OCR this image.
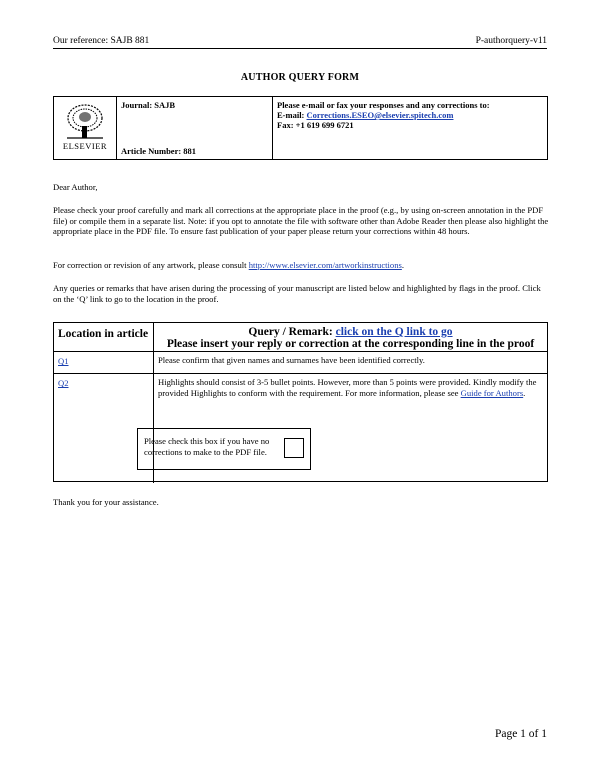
Our reference: SAJB 881	P-authorquery-v11
AUTHOR QUERY FORM
ELSEVIER
Journal: SAJB
Article Number: 881
Please e-mail or fax your responses and any corrections to:
E-mail: Corrections.ESEO@elsevier.spitech.com
Fax: +1 619 699 6721
Dear Author,
Please check your proof carefully and mark all corrections at the appropriate place in the proof (e.g., by using on-screen annotation in the PDF file) or compile them in a separate list. Note: if you opt to annotate the file with software other than Adobe Reader then please also highlight the appropriate place in the PDF file. To ensure fast publication of your paper please return your corrections within 48 hours.
For correction or revision of any artwork, please consult http://www.elsevier.com/artworkinstructions.
Any queries or remarks that have arisen during the processing of your manuscript are listed below and highlighted by flags in the proof. Click on the ‘Q’ link to go to the location in the proof.
Location in article	Query / Remark: click on the Q link to go
Please insert your reply or correction at the corresponding line in the proof
Q1	Please confirm that given names and surnames have been identified correctly.
Q2	Highlights should consist of 3-5 bullet points. However, more than 5 points were provided. Kindly modify the provided Highlights to conform with the requirement. For more information, please see Guide for Authors.
Please check this box if you have no corrections to make to the PDF file.
Thank you for your assistance.
Page 1 of 1
